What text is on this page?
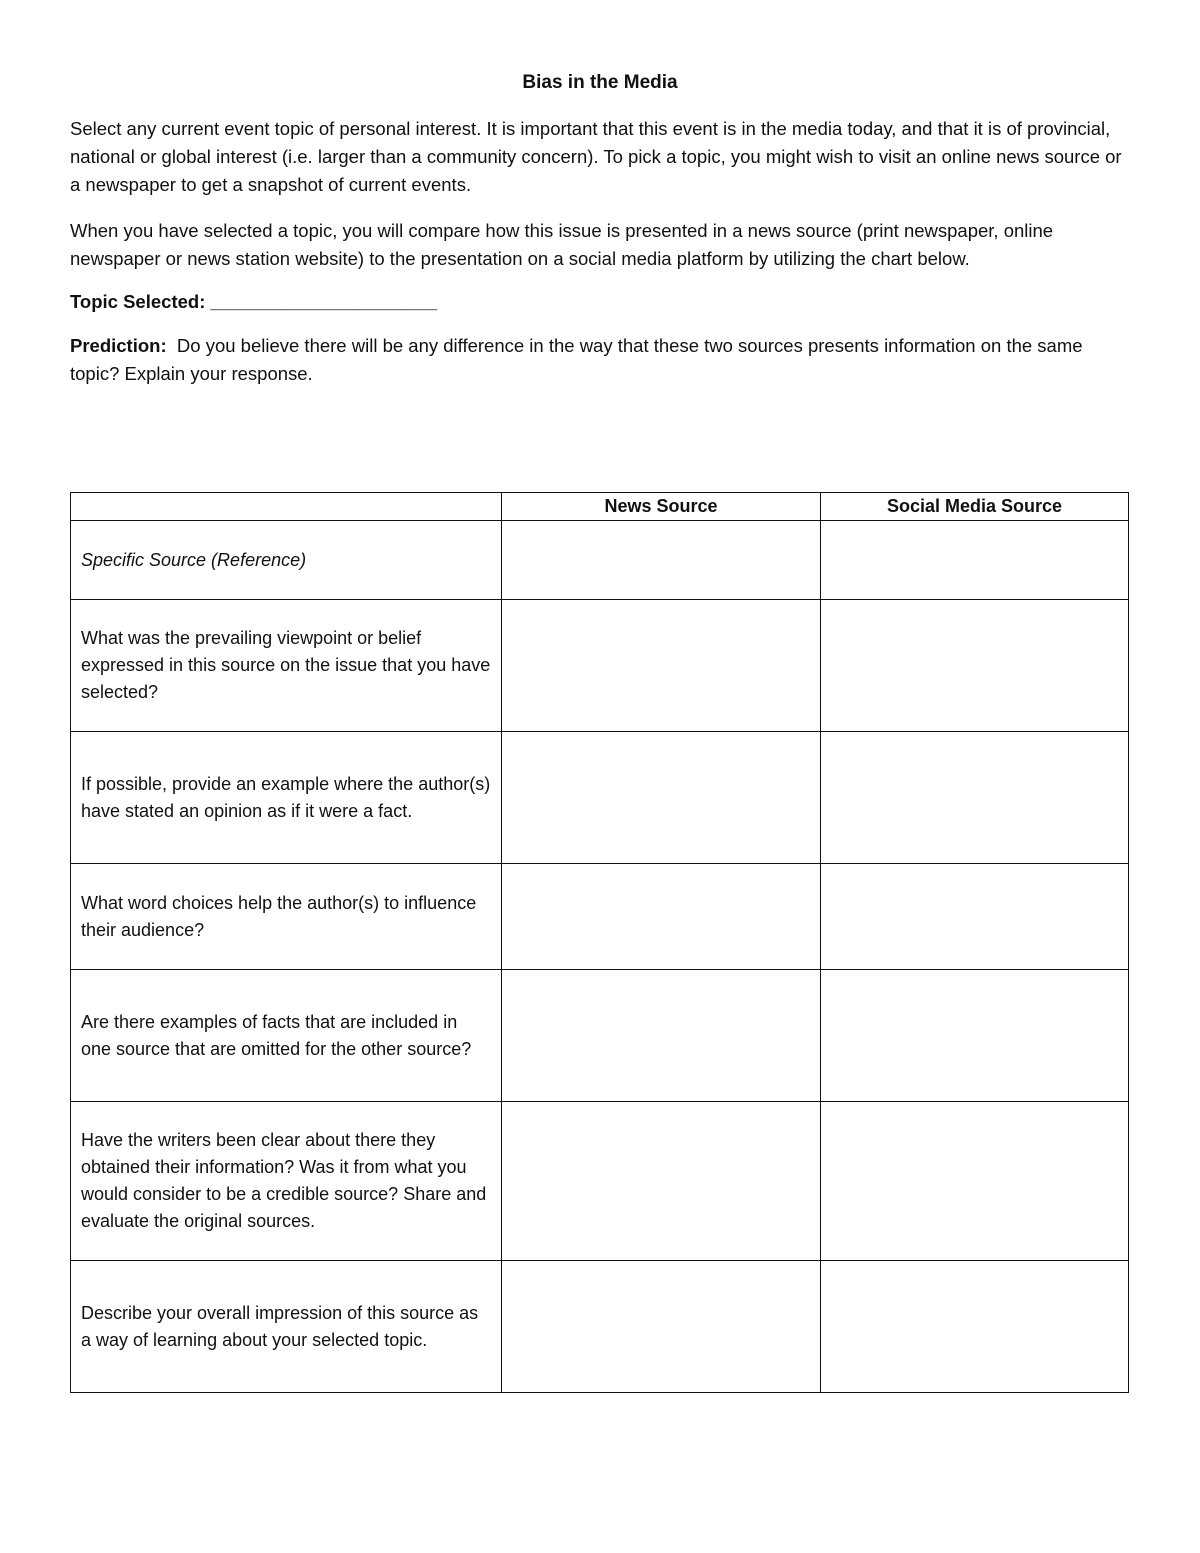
Bias in the Media

Select any current event topic of personal interest. It is important that this event is in the media today, and that it is of provincial, national or global interest (i.e. larger than a community concern). To pick a topic, you might wish to visit an online news source or a newspaper to get a snapshot of current events.

When you have selected a topic, you will compare how this issue is presented in a news source (print newspaper, online newspaper or news station website) to the presentation on a social media platform by utilizing the chart below.

Topic Selected: ______________________

Prediction: Do you believe there will be any difference in the way that these two sources presents information on the same topic? Explain your response.

	News Source	Social Media Source
Specific Source (Reference)		
What was the prevailing viewpoint or belief expressed in this source on the issue that you have selected?		
If possible, provide an example where the author(s) have stated an opinion as if it were a fact.		
What word choices help the author(s) to influence their audience?		
Are there examples of facts that are included in one source that are omitted for the other source?		
Have the writers been clear about there they obtained their information? Was it from what you would consider to be a credible source? Share and evaluate the original sources.		
Describe your overall impression of this source as a way of learning about your selected topic.		
